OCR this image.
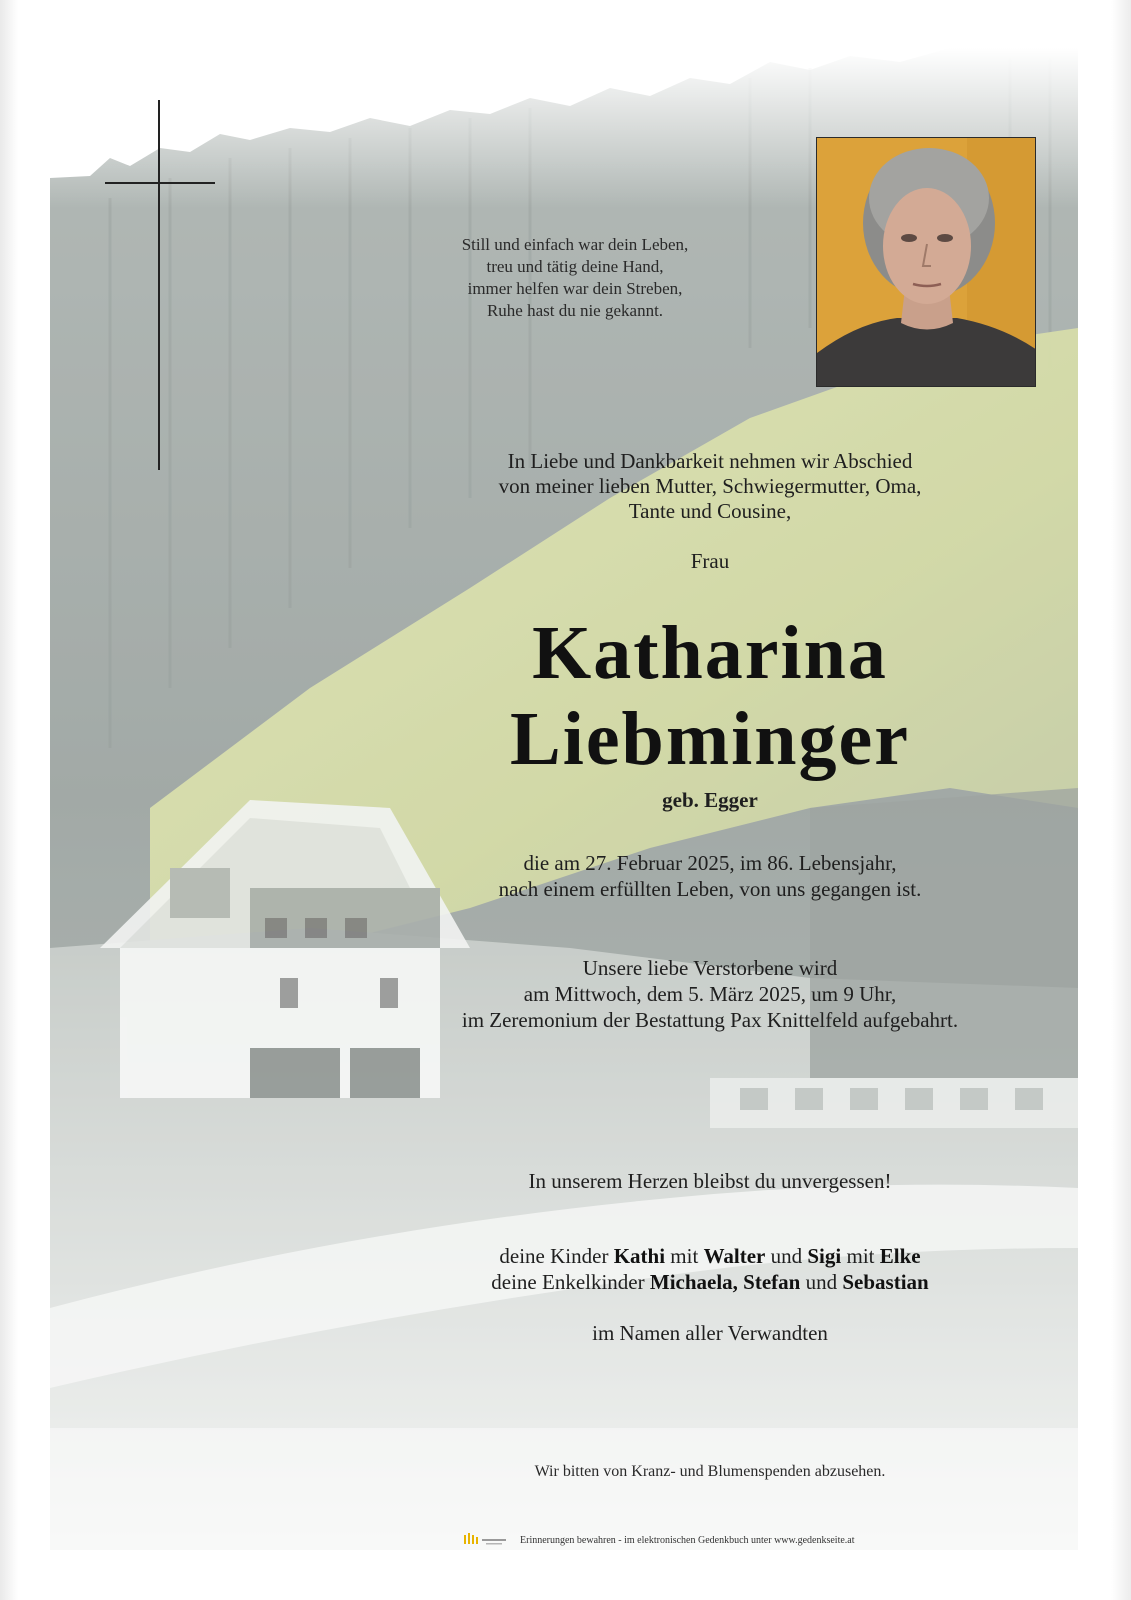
Still und einfach war dein Leben,
treu und tätig deine Hand,
immer helfen war dein Streben,
Ruhe hast du nie gekannt.
In Liebe und Dankbarkeit nehmen wir Abschied
von meiner lieben Mutter, Schwiegermutter, Oma,
Tante und Cousine,
Frau
Katharina
Liebminger
geb. Egger
die am 27. Februar 2025, im 86. Lebensjahr,
nach einem erfüllten Leben, von uns gegangen ist.
Unsere liebe Verstorbene wird
am Mittwoch, dem 5. März 2025, um 9 Uhr,
im Zeremonium der Bestattung Pax Knittelfeld aufgebahrt.
In unserem Herzen bleibst du unvergessen!
deine Kinder Kathi mit Walter und Sigi mit Elke
deine Enkelkinder Michaela, Stefan und Sebastian
im Namen aller Verwandten
Wir bitten von Kranz- und Blumenspenden abzusehen.
Erinnerungen bewahren - im elektronischen Gedenkbuch unter www.gedenkseite.at
